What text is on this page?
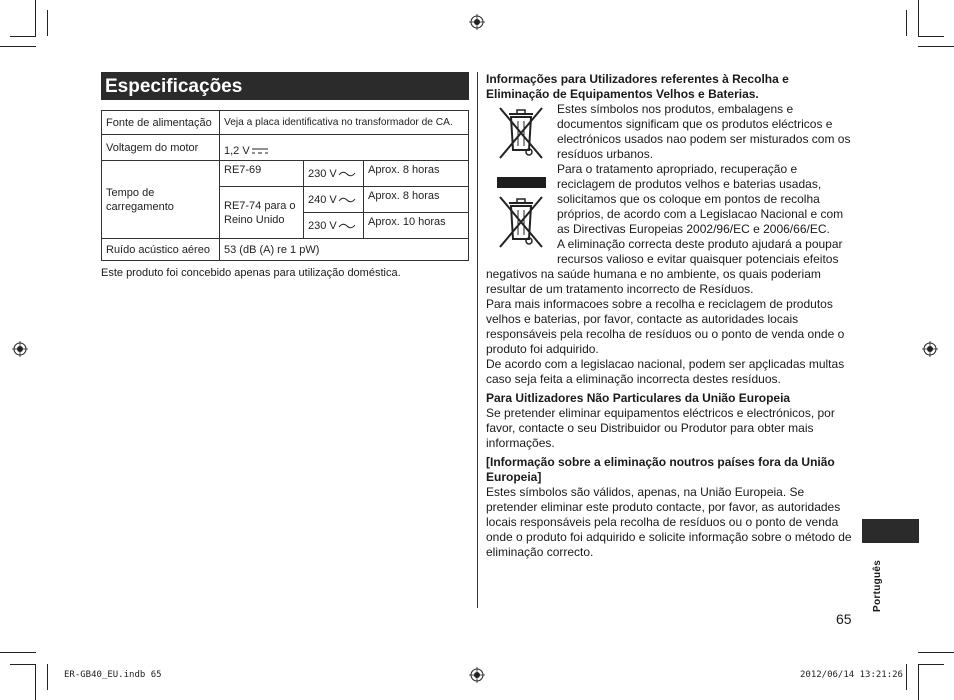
Especificações
Fonte de alimentação	Veja a placa identificativa no transformador de CA.		
Voltagem do motor	1,2 V		
Tempo de carregamento	RE7-69	230 V	Aprox. 8 horas
	RE7-74 para o Reino Unido	240 V	Aprox. 8 horas
		230 V	Aprox. 10 horas
Ruído acústico aéreo	53 (dB (A) re 1 pW)		
Este produto foi concebido apenas para utilização doméstica.
Informações para Utilizadores referentes à Recolha e
Eliminação de Equipamentos Velhos e Baterias.
Estes símbolos nos produtos, embalagens e
documentos significam que os produtos eléctricos e
electrónicos usados nao podem ser misturados com os
resíduos urbanos.
Para o tratamento apropriado, recuperação e
reciclagem de produtos velhos e baterias usadas,
solicitamos que os coloque em pontos de recolha
próprios, de acordo com a Legislacao Nacional e com
as Directivas Europeias 2002/96/EC e 2006/66/EC.
A eliminação correcta deste produto ajudará a poupar
recursos valioso e evitar quaisquer potenciais efeitos
negativos na saúde humana e no ambiente, os quais poderiam
resultar de um tratamento incorrecto de Resíduos.
Para mais informacoes sobre a recolha e reciclagem de produtos
velhos e baterias, por favor, contacte as autoridades locais
responsáveis pela recolha de resíduos ou o ponto de venda onde o
produto foi adquirido.
De acordo com a legislacao nacional, podem ser apçlicadas multas
caso seja feita a eliminação incorrecta destes resíduos.
Para Uitlizadores Não Particulares da União Europeia
Se pretender eliminar equipamentos eléctricos e electrónicos, por
favor, contacte o seu Distribuidor ou Produtor para obter mais
informações.
[Informação sobre a eliminação noutros países fora da União
Europeia]
Estes símbolos são válidos, apenas, na União Europeia. Se
pretender eliminar este produto contacte, por favor, as autoridades
locais responsáveis pela recolha de resíduos ou o ponto de venda
onde o produto foi adquirido e solicite informação sobre o método de
eliminação correcto.
Português
65
ER-GB40_EU.indb 65	2012/06/14 13:21:26
